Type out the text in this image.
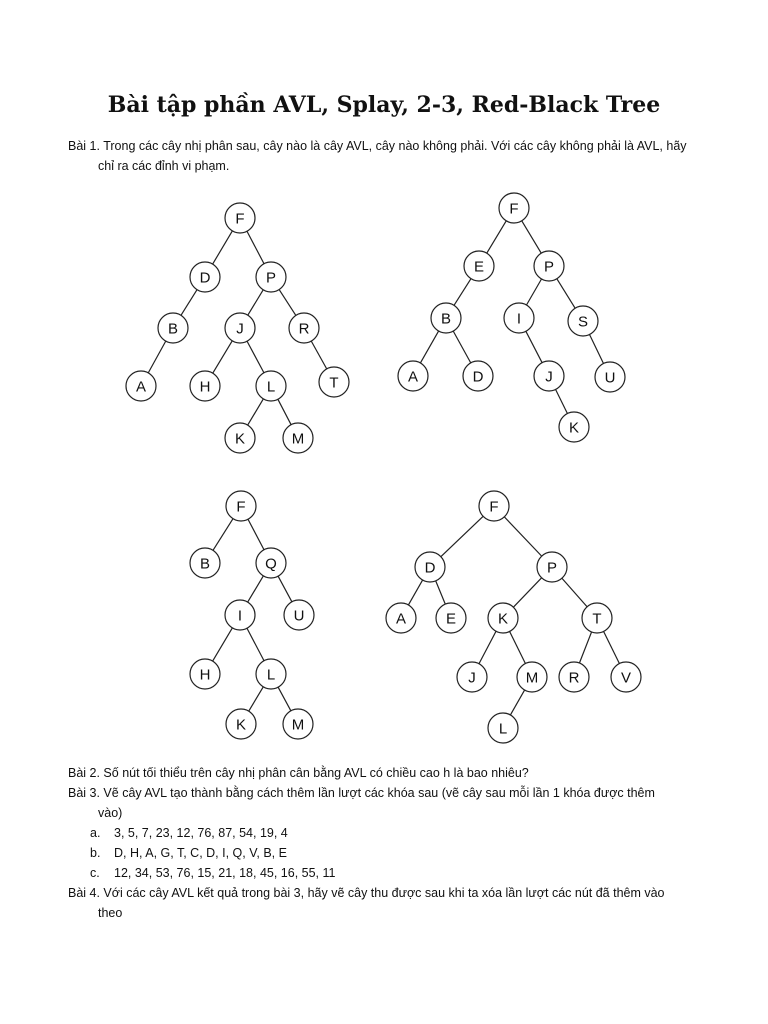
Bài tập phần AVL, Splay, 2-3, Red-Black Tree
Bài 1. Trong các cây nhị phân sau, cây nào là cây AVL, cây nào không phải. Với các cây không phải là AVL, hãy
chỉ ra các đỉnh vi phạm.
F
D	P
B	J	R
A	H	L	T
K	M
F
E	P
B	I	S
A	D	J	U
K
F
B	Q
I	U
H	L
K	M
F
D	P
A	E	K	T
J	M R	V
L
Bài 2. Số nút tối thiểu trên cây nhị phân cân bằng AVL có chiều cao h là bao nhiêu?
Bài 3. Vẽ cây AVL tạo thành bằng cách thêm lần lượt các khóa sau (vẽ cây sau mỗi lần 1 khóa được thêm
vào)
a. 3, 5, 7, 23, 12, 76, 87, 54, 19, 4
b. D, H, A, G, T, C, D, I, Q, V, B, E
c. 12, 34, 53, 76, 15, 21, 18, 45, 16, 55, 11
Bài 4. Với các cây AVL kết quả trong bài 3, hãy vẽ cây thu được sau khi ta xóa lần lượt các nút đã thêm vào
theo
